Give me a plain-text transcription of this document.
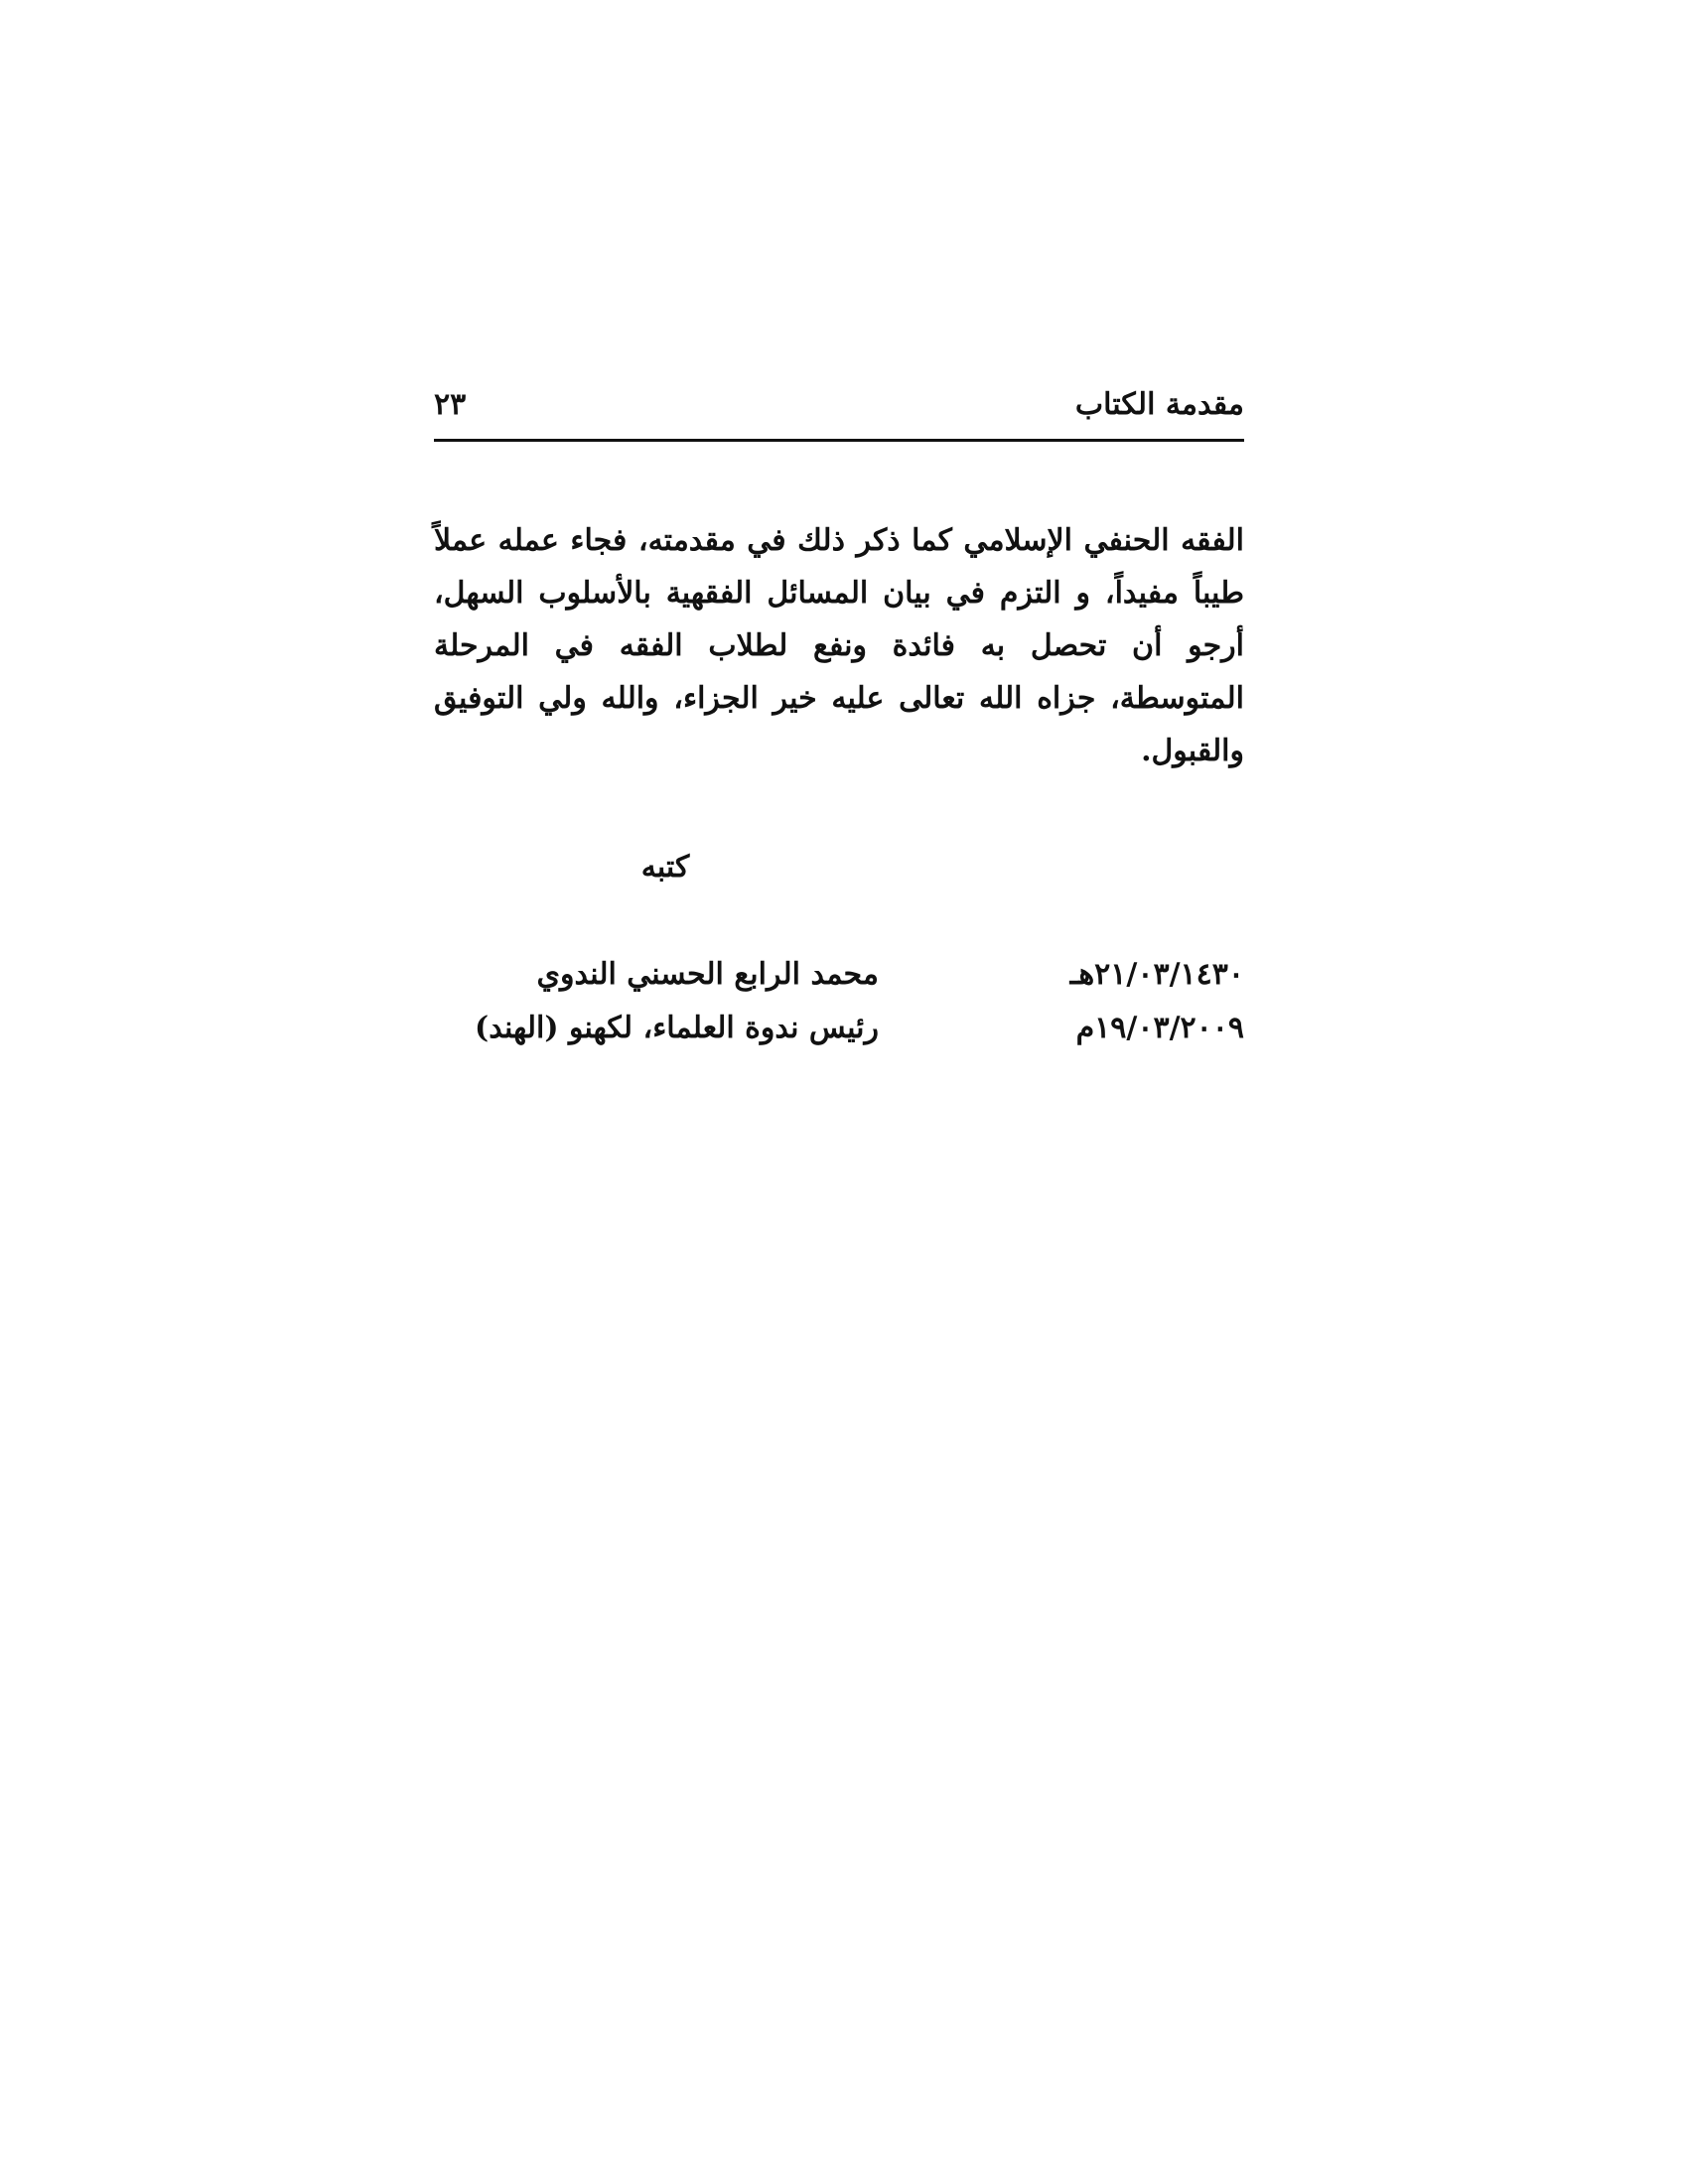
مقدمة الكتاب
٢٣

الفقه الحنفي الإسلامي كما ذكر ذلك في مقدمته، فجاء عمله عملاً طيباً مفيداً، و التزم في بيان المسائل الفقهية بالأسلوب السهل، أرجو أن تحصل به فائدة ونفع لطلاب الفقه في المرحلة المتوسطة، جزاه الله تعالى عليه خير الجزاء، والله ولي التوفيق والقبول.

كتبه
٢١/٠٣/١٤٣٠هـ
١٩/٠٣/٢٠٠٩م
محمد الرابع الحسني الندوي
رئيس ندوة العلماء، لكهنو (الهند)
